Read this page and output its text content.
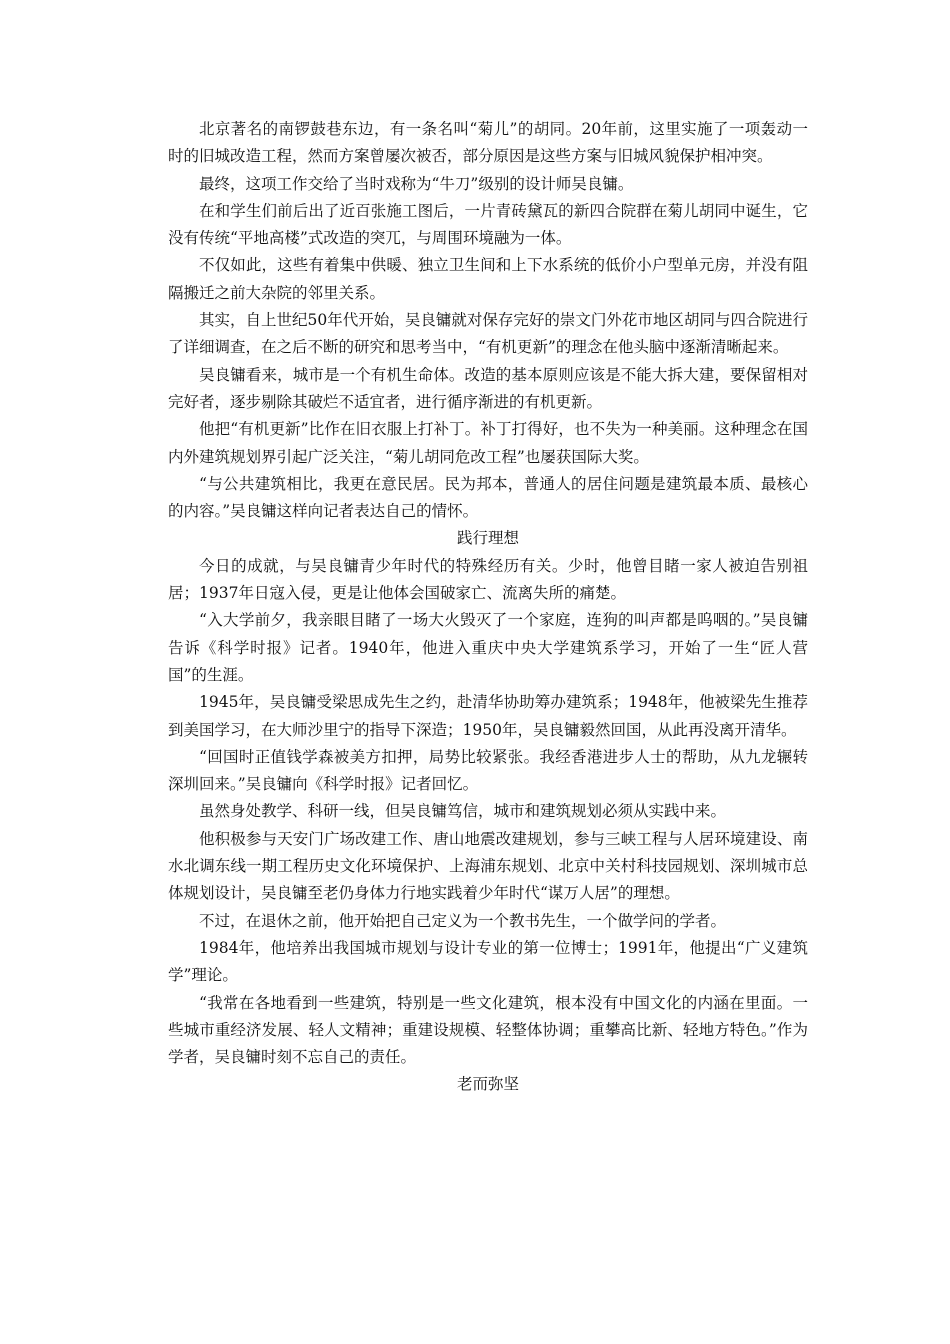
北京著名的南锣鼓巷东边，有一条名叫“菊儿”的胡同。20年前，这里实施了一项轰动一时的旧城改造工程，然而方案曾屡次被否，部分原因是这些方案与旧城风貌保护相冲突。

最终，这项工作交给了当时戏称为“牛刀”级别的设计师吴良镛。

在和学生们前后出了近百张施工图后，一片青砖黛瓦的新四合院群在菊儿胡同中诞生，它没有传统“平地高楼”式改造的突兀，与周围环境融为一体。

不仅如此，这些有着集中供暖、独立卫生间和上下水系统的低价小户型单元房，并没有阻隔搬迁之前大杂院的邻里关系。

其实，自上世纪50年代开始，吴良镛就对保存完好的崇文门外花市地区胡同与四合院进行了详细调查，在之后不断的研究和思考当中，“有机更新”的理念在他头脑中逐渐清晰起来。

吴良镛看来，城市是一个有机生命体。改造的基本原则应该是不能大拆大建，要保留相对完好者，逐步剔除其破烂不适宜者，进行循序渐进的有机更新。

他把“有机更新”比作在旧衣服上打补丁。补丁打得好，也不失为一种美丽。这种理念在国内外建筑规划界引起广泛关注，“菊儿胡同危改工程”也屡获国际大奖。

“与公共建筑相比，我更在意民居。民为邦本，普通人的居住问题是建筑最本质、最核心的内容。”吴良镛这样向记者表达自己的情怀。

践行理想

今日的成就，与吴良镛青少年时代的特殊经历有关。少时，他曾目睹一家人被迫告别祖居；1937年日寇入侵，更是让他体会国破家亡、流离失所的痛楚。

“入大学前夕，我亲眼目睹了一场大火毁灭了一个家庭，连狗的叫声都是呜咽的。”吴良镛告诉《科学时报》记者。1940年，他进入重庆中央大学建筑系学习，开始了一生“匠人营国”的生涯。

1945年，吴良镛受梁思成先生之约，赴清华协助筹办建筑系；1948年，他被梁先生推荐到美国学习，在大师沙里宁的指导下深造；1950年，吴良镛毅然回国，从此再没离开清华。

“回国时正值钱学森被美方扣押，局势比较紧张。我经香港进步人士的帮助，从九龙辗转深圳回来。”吴良镛向《科学时报》记者回忆。

虽然身处教学、科研一线，但吴良镛笃信，城市和建筑规划必须从实践中来。

他积极参与天安门广场改建工作、唐山地震改建规划，参与三峡工程与人居环境建设、南水北调东线一期工程历史文化环境保护、上海浦东规划、北京中关村科技园规划、深圳城市总体规划设计，吴良镛至老仍身体力行地实践着少年时代“谋万人居”的理想。

不过，在退休之前，他开始把自己定义为一个教书先生，一个做学问的学者。

1984年，他培养出我国城市规划与设计专业的第一位博士；1991年，他提出“广义建筑学”理论。

“我常在各地看到一些建筑，特别是一些文化建筑，根本没有中国文化的内涵在里面。一些城市重经济发展、轻人文精神；重建设规模、轻整体协调；重攀高比新、轻地方特色。”作为学者，吴良镛时刻不忘自己的责任。

老而弥坚
